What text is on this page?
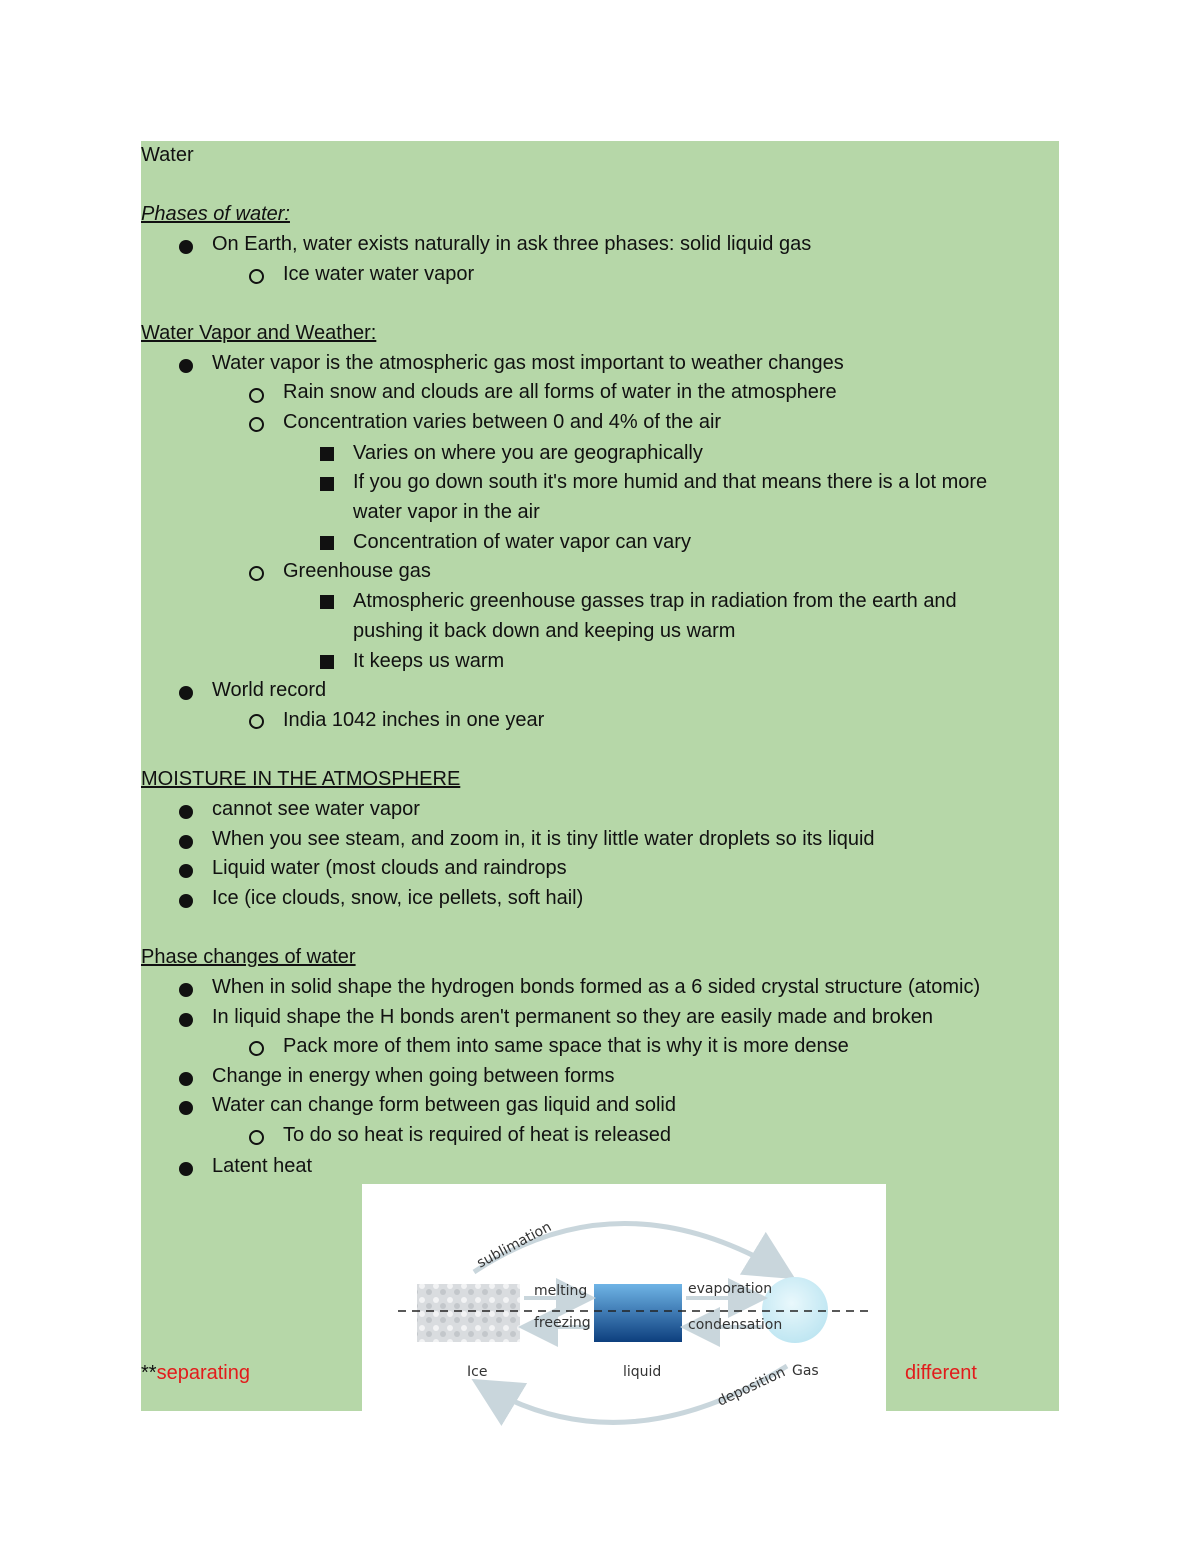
Water
Phases of water:
On Earth, water exists naturally in ask three phases: solid liquid gas
Ice water water vapor
Water Vapor and Weather:
Water vapor is the atmospheric gas most important to weather changes
Rain snow and clouds are all forms of water in the atmosphere
Concentration varies between 0 and 4% of the air
Varies on where you are geographically
If you go down south it's more humid and that means there is a lot more
water vapor in the air
Concentration of water vapor can vary
Greenhouse gas
Atmospheric greenhouse gasses trap in radiation from the earth and
pushing it back down and keeping us warm
It keeps us warm
World record
India 1042 inches in one year
MOISTURE IN THE ATMOSPHERE
cannot see water vapor
When you see steam, and zoom in, it is tiny little water droplets so its liquid
Liquid water (most clouds and raindrops
Ice (ice clouds, snow, ice pellets, soft hail)
Phase changes of water
When in solid shape the hydrogen bonds formed as a 6 sided crystal structure (atomic)
In liquid shape the H bonds aren't permanent so they are easily made and broken
Pack more of them into same space that is why it is more dense
Change in energy when going between forms
Water can change form between gas liquid and solid
To do so heat is required of heat is released
Latent heat
**separating	different
sublimation
melting
freezing
evaporation
condensation
Ice	liquid	Gas
deposition
